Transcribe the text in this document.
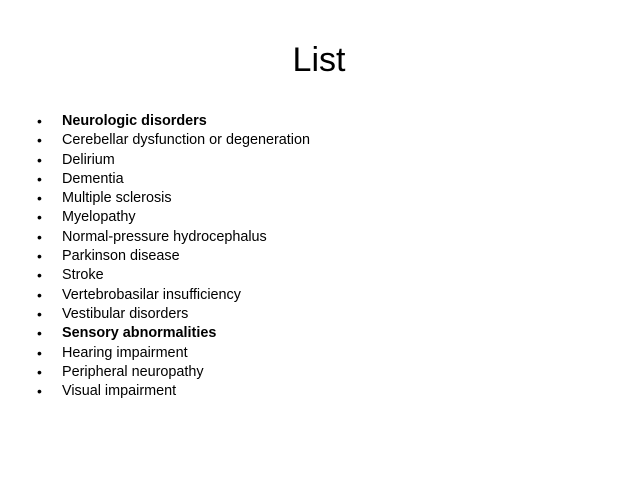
List
•	Neurologic disorders
•	Cerebellar dysfunction or degeneration
•	Delirium
•	Dementia
•	Multiple sclerosis
•	Myelopathy
•	Normal-pressure hydrocephalus
•	Parkinson disease
•	Stroke
•	Vertebrobasilar insufficiency
•	Vestibular disorders
•	Sensory abnormalities
•	Hearing impairment
•	Peripheral neuropathy
•	Visual impairment
